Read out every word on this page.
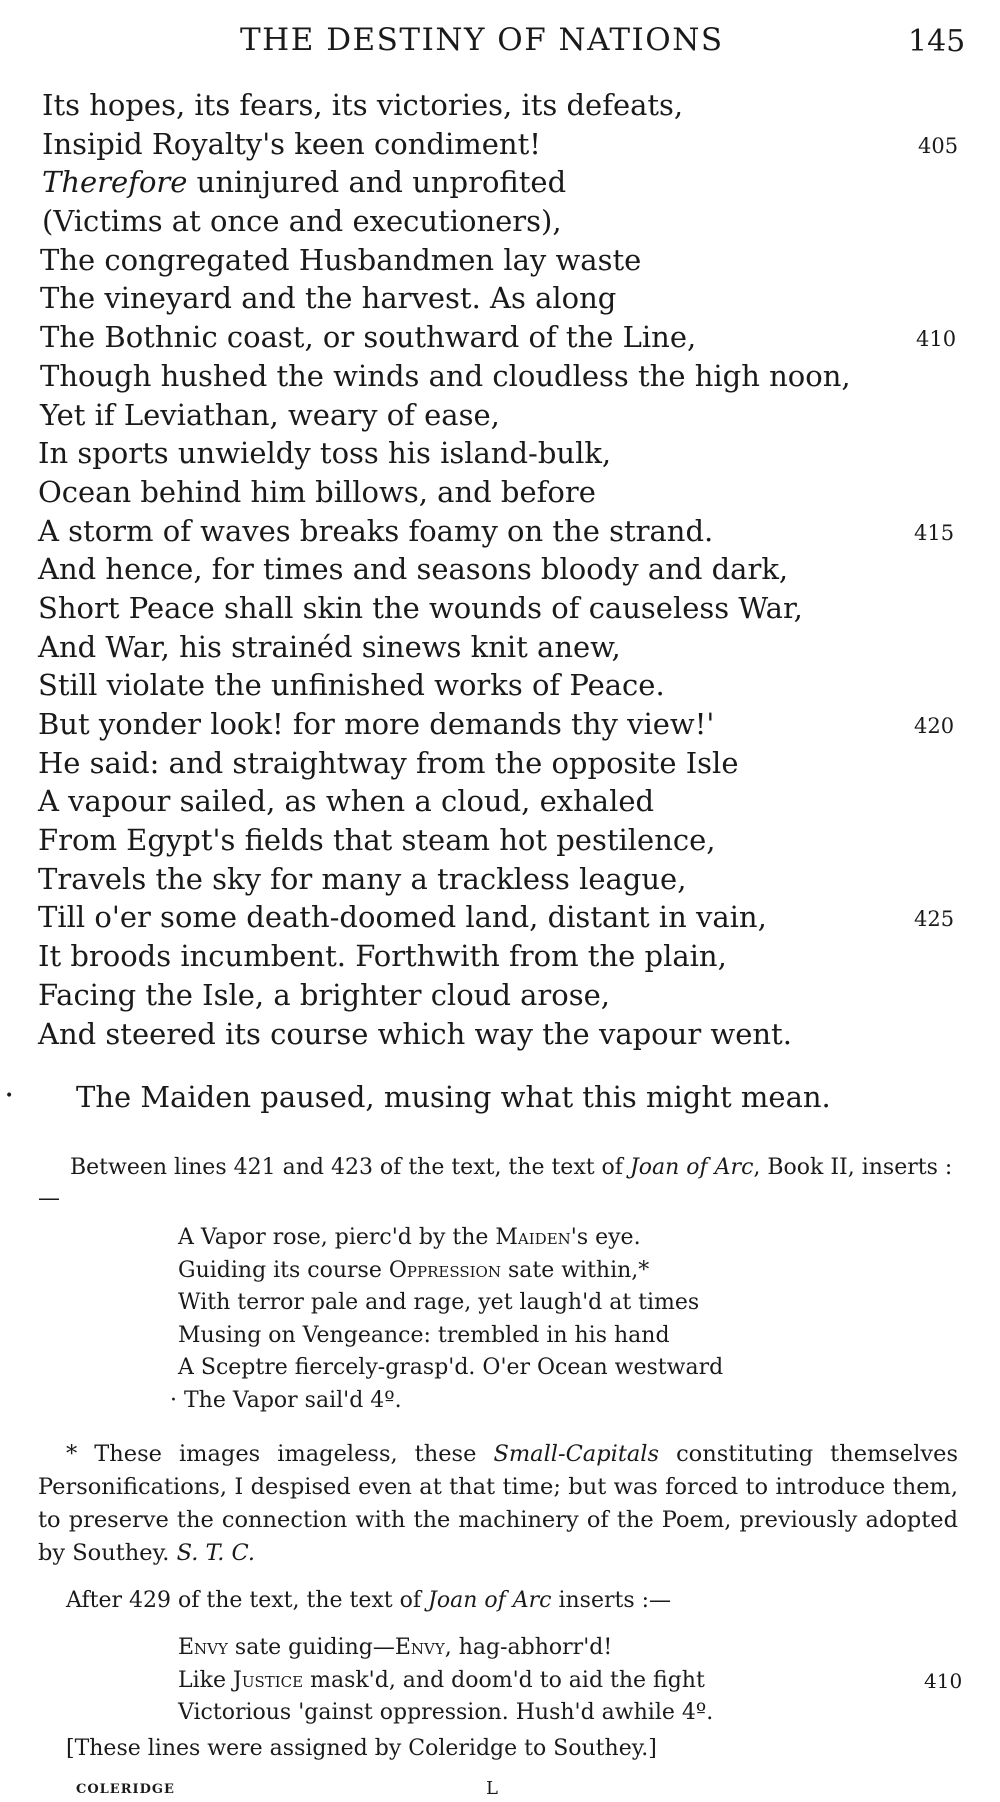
THE DESTINY OF NATIONS	145
Its hopes, its fears, its victories, its defeats,
Insipid Royalty's keen condiment!	405
Therefore uninjured and unprofited
(Victims at once and executioners),
The congregated Husbandmen lay waste
The vineyard and the harvest. As along
The Bothnic coast, or southward of the Line,	410
Though hushed the winds and cloudless the high noon,
Yet if Leviathan, weary of ease,
In sports unwieldy toss his island-bulk,
Ocean behind him billows, and before
A storm of waves breaks foamy on the strand.	415
And hence, for times and seasons bloody and dark,
Short Peace shall skin the wounds of causeless War,
And War, his strainéd sinews knit anew,
Still violate the unfinished works of Peace.
But yonder look! for more demands thy view!'	420
He said: and straightway from the opposite Isle
A vapour sailed, as when a cloud, exhaled
From Egypt's fields that steam hot pestilence,
Travels the sky for many a trackless league,
Till o'er some death-doomed land, distant in vain,	425
It broods incumbent. Forthwith from the plain,
Facing the Isle, a brighter cloud arose,
And steered its course which way the vapour went.
• The Maiden paused, musing what this might mean.
Between lines 421 and 423 of the text, the text of Joan of Arc, Book II, inserts :—
A Vapor rose, pierc'd by the Maiden's eye.
Guiding its course Oppression sate within,*
With terror pale and rage, yet laugh'd at times
Musing on Vengeance: trembled in his hand
A Sceptre fiercely-grasp'd. O'er Ocean westward
· The Vapor sail'd 4º.
* These images imageless, these Small-Capitals constituting themselves Personifications, I despised even at that time; but was forced to introduce them, to preserve the connection with the machinery of the Poem, previously adopted by Southey. S. T. C.
After 429 of the text, the text of Joan of Arc inserts :—
Envy sate guiding—Envy, hag-abhorr'd!
Like Justice mask'd, and doom'd to aid the fight	410
Victorious 'gainst oppression. Hush'd awhile 4º.
[These lines were assigned by Coleridge to Southey.]
COLERIDGE	L
